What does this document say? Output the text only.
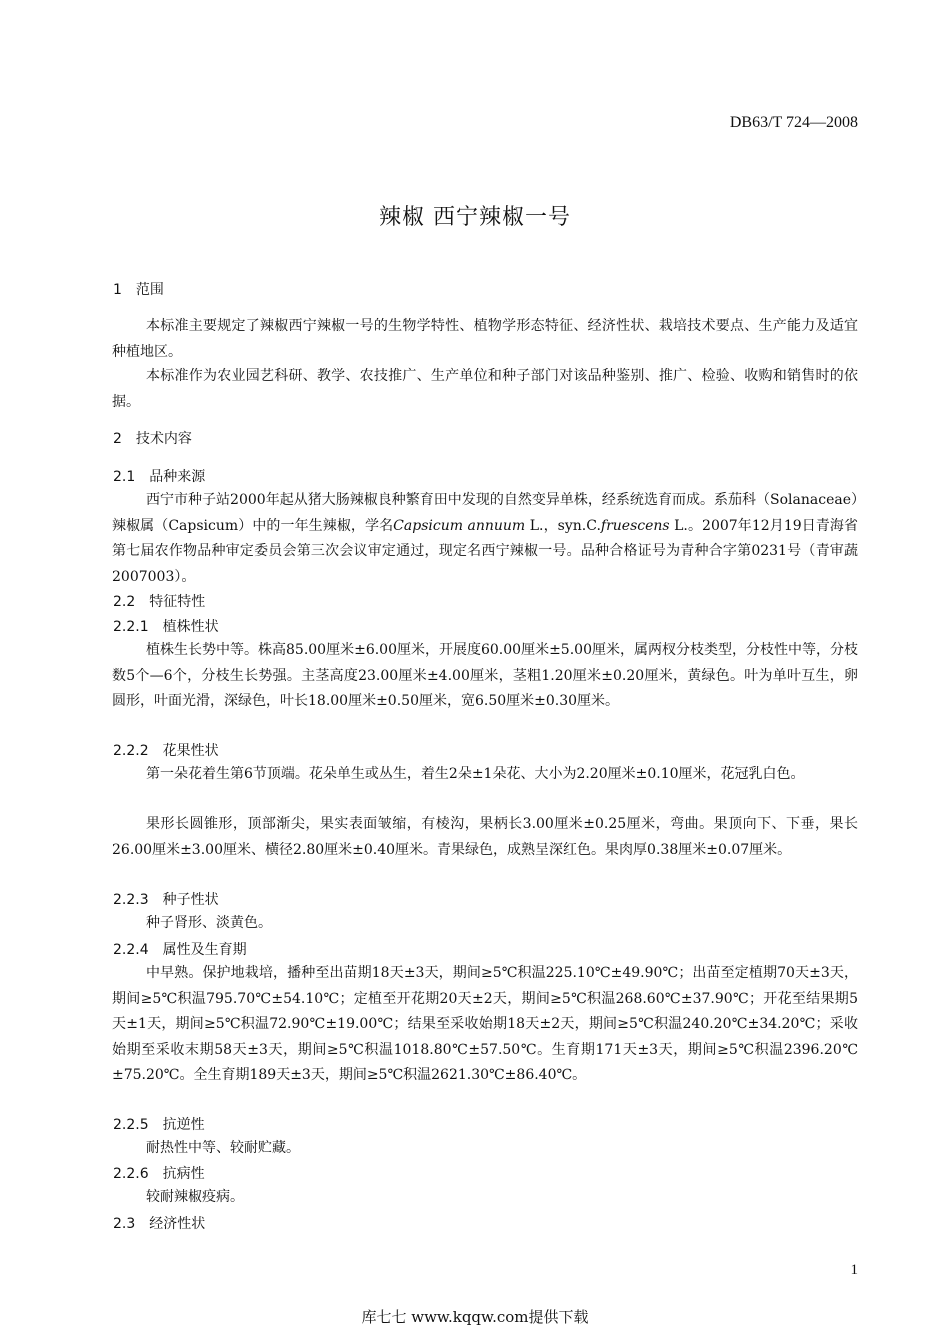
DB63/T 724—2008
辣椒 西宁辣椒一号
1 范围
本标准主要规定了辣椒西宁辣椒一号的生物学特性、植物学形态特征、经济性状、栽培技术要点、生产能力及适宜种植地区。
本标准作为农业园艺科研、教学、农技推广、生产单位和种子部门对该品种鉴别、推广、检验、收购和销售时的依据。
2 技术内容
2.1 品种来源
西宁市种子站2000年起从猪大肠辣椒良种繁育田中发现的自然变异单株，经系统选育而成。系茄科（Solanaceae）辣椒属（Capsicum）中的一年生辣椒，学名Capsicum annuum L.，syn.C.fruescens L.。2007年12月19日青海省第七届农作物品种审定委员会第三次会议审定通过，现定名西宁辣椒一号。品种合格证号为青种合字第0231号（青审蔬2007003）。
2.2 特征特性
2.2.1 植株性状
植株生长势中等。株高85.00厘米±6.00厘米，开展度60.00厘米±5.00厘米，属两杈分枝类型，分枝性中等，分枝数5个—6个，分枝生长势强。主茎高度23.00厘米±4.00厘米，茎粗1.20厘米±0.20厘米，黄绿色。叶为单叶互生，卵圆形，叶面光滑，深绿色，叶长18.00厘米±0.50厘米，宽6.50厘米±0.30厘米。
2.2.2 花果性状
第一朵花着生第6节顶端。花朵单生或丛生，着生2朵±1朵花、大小为2.20厘米±0.10厘米，花冠乳白色。
果形长圆锥形，顶部渐尖，果实表面皱缩，有棱沟，果柄长3.00厘米±0.25厘米，弯曲。果顶向下、下垂，果长26.00厘米±3.00厘米、横径2.80厘米±0.40厘米。青果绿色，成熟呈深红色。果肉厚0.38厘米±0.07厘米。
2.2.3 种子性状
种子肾形、淡黄色。
2.2.4 属性及生育期
中早熟。保护地栽培，播种至出苗期18天±3天，期间≥5℃积温225.10℃±49.90℃；出苗至定植期70天±3天，期间≥5℃积温795.70℃±54.10℃；定植至开花期20天±2天，期间≥5℃积温268.60℃±37.90℃；开花至结果期5天±1天，期间≥5℃积温72.90℃±19.00℃；结果至采收始期18天±2天，期间≥5℃积温240.20℃±34.20℃；采收始期至采收末期58天±3天，期间≥5℃积温1018.80℃±57.50℃。生育期171天±3天，期间≥5℃积温2396.20℃±75.20℃。全生育期189天±3天，期间≥5℃积温2621.30℃±86.40℃。
2.2.5 抗逆性
耐热性中等、较耐贮藏。
2.2.6 抗病性
较耐辣椒疫病。
2.3 经济性状
1
库七七 www.kqqw.com提供下载
